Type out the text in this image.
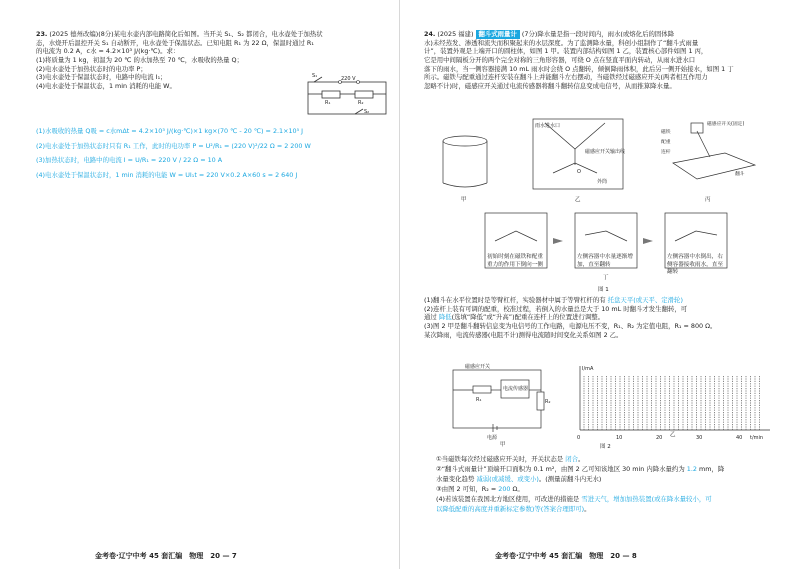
23. (2025 德州改编)(8分)某电水壶内部电路简化后如图。当开关 S₁、S₂ 都闭合，电水壶处于加热状
态，水烧开后温控开关 S₁ 自动断开，电水壶处于保温状态。已知电阻 R₁ 为 22 Ω，保温时通过 R₁
的电流为 0.2 A，c水 = 4.2×10³ J/(kg·℃)。求：
(1)将质量为 1 kg，初温为 20 ℃ 的水加热至 70 ℃，水吸收的热量 Q；
(2)电水壶处于加热状态时的电功率 P；
(3)电水壶处于保温状态时，电路中的电流 I₁；
(4)电水壶处于保温状态，1 min 消耗的电能 W。
220 V
S₁
R₁	R₂
S₂
(1)水吸收的热量 Q吸 = c水mΔt = 4.2×10³ J/(kg·℃)×1 kg×(70 ℃ - 20 ℃) = 2.1×10⁵ J
(2)电水壶处于加热状态时只有 R₁ 工作，此时的电功率 P = U²/R₁ = (220 V)²/22 Ω = 2 200 W
(3)加热状态时，电路中的电流 I = U/R₁ = 220 V / 22 Ω = 10 A
(4)电水壶处于保温状态时，1 min 消耗的电能 W = UI₁t = 220 V×0.2 A×60 s = 2 640 J
金考卷·辽宁中考 45 套汇编　物理　20 — 7
24. (2025 福建) 翻斗式雨量计 (7分)降水量是指一段时间内，雨水(或熔化后的固体降
水)未经蒸发、渗透和流失而积聚起来的水层深度。为了监测降水量，科创小组制作了“翻斗式雨量
计”，装置外观是上端开口的圆柱体，如图 1 甲。装置内部结构如图 1 乙，装置核心部件如图 1 丙，
它是用中间隔板分开的两个完全对称的三角形容器，可绕 O 点在竖直平面内转动，从雨水进水口
落下的雨水，当一侧容器接满 10 mL 雨水时会绕 O 点翻转，倾倒降雨体积，此后另一侧开始接水，如图 1 丁
所示。磁铁与配重通过连杆安装在翻斗上并能翻斗左右摆动，当磁铁经过磁感应开关(两者相互作用力
忽略不计)时，磁感应开关通过电流传感器将翻斗翻转信息变成电信号，从而推算降水量。
雨水进水口
磁感应开关输出线
外筒
O
磁感应开关(固定)
磁铁
配重
连杆
翻斗
甲	乙	丙
丁
图 1
初始时刻在磁铁和配重重力的作用下倒向一侧
左侧容器中水量逐渐增加，直至翻转
左侧容器中水倒出，右侧容器接收雨水，直至翻转
(1)翻斗在水平位置时是等臂杠杆，实验器材中属于等臂杠杆的有 托盘天平(或天平、定滑轮)
(2)连杆上装有可调的配重，校准过程，若倒入的水量总是大于 10 mL 时翻斗才发生翻转，可
通过 降低(选填“降低”或“升高”)配重在连杆上的位置进行调整。
(3)图 2 甲是翻斗翻转信息变为电信号的工作电路，电源电压不变，R₁、R₂ 为定值电阻，R₁ = 800 Ω。
某次降雨，电流传感器(电阻不计)测得电流随时间变化关系如图 2 乙。
磁感应开关
电流传感器
R₁	R₂
电源
甲
I/mA
t/min
0	10	20	30	40
乙
图 2
①当磁铁每次经过磁感应开关时，开关状态是 闭合。
②“翻斗式雨量计”顶端开口面积为 0.1 m²，由图 2 乙可知该地区 30 min 内降水量约为 1.2 mm，降
水量变化趋势 减弱(或减缓、或变小)。(测量前翻斗内无水)
③由图 2 可知，R₂ = 200 Ω。
(4)若该装置在我国北方地区使用，可改进的措施是 雪进天气，增加加热装置(或在降水量较小，可
以降低配重的高度并重新标定参数)等(答案合理即可)。
金考卷·辽宁中考 45 套汇编　物理　20 — 8
